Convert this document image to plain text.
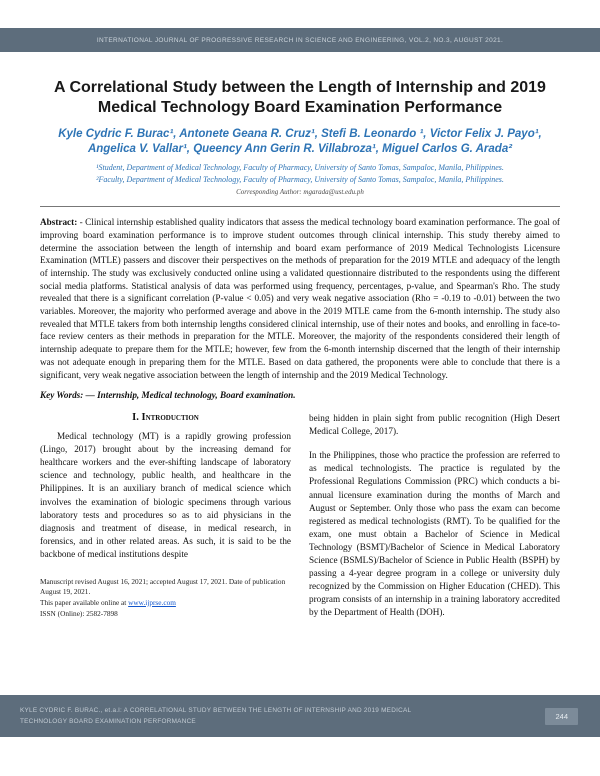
INTERNATIONAL JOURNAL OF PROGRESSIVE RESEARCH IN SCIENCE AND ENGINEERING, VOL.2, NO.3, AUGUST 2021.
A Correlational Study between the Length of Internship and 2019 Medical Technology Board Examination Performance

Kyle Cydric F. Burac¹, Antonete Geana R. Cruz¹, Stefi B. Leonardo ¹, Victor Felix J. Payo¹, Angelica V. Vallar¹, Queency Ann Gerin R. Villabroza¹, Miguel Carlos G. Arada²

¹Student, Department of Medical Technology, Faculty of Pharmacy, University of Santo Tomas, Sampaloc, Manila, Philippines.

²Faculty, Department of Medical Technology, Faculty of Pharmacy, University of Santo Tomas, Sampaloc, Manila, Philippines.

Corresponding Author: mgarada@ust.edu.ph

Abstract: - Clinical internship established quality indicators that assess the medical technology board examination performance. The goal of improving board examination performance is to improve student outcomes through clinical internship. This study thereby aimed to determine the association between the length of internship and board exam performance of 2019 Medical Technologists Licensure Examination (MTLE) passers and discover their perspectives on the methods of preparation for the 2019 MTLE and adequacy of the length of internship. The study was exclusively conducted online using a validated questionnaire distributed to the respondents using the different social media platforms. Statistical analysis of data was performed using frequency, percentages, p-value, and Spearman's Rho. The study revealed that there is a significant correlation (P-value < 0.05) and very weak negative association (Rho = -0.19 to -0.01) between the two variables. Moreover, the majority who performed average and above in the 2019 MTLE came from the 6-month internship. The study also revealed that MTLE takers from both internship lengths considered clinical internship, use of their notes and books, and enrolling in face-to-face review centers as their methods in preparation for the MTLE. Moreover, the majority of the respondents considered their length of internship adequate to prepare them for the MTLE; however, few from the 6-month internship discerned that the length of their internship was not adequate enough in preparing them for the MTLE. Based on data gathered, the proponents were able to conclude that there is a significant, very weak negative association between the length of internship and the 2019 Medical Technology.

Key Words: — Internship, Medical technology, Board examination.

I. Introduction

Medical technology (MT) is a rapidly growing profession (Lingo, 2017) brought about by the increasing demand for healthcare workers and the ever-shifting landscape of laboratory science and technology, public health, and healthcare in the Philippines. It is an auxiliary branch of medical science which involves the examination of biologic specimens through various laboratory tests and procedures so as to aid physicians in the diagnosis and treatment of disease, in medical research, in forensics, and in other related areas. As such, it is said to be the backbone of medical institutions despite

Manuscript revised August 16, 2021; accepted August 17, 2021. Date of publication August 19, 2021.

This paper available online at www.ijprse.com

ISSN (Online): 2582-7898

being hidden in plain sight from public recognition (High Desert Medical College, 2017).

In the Philippines, those who practice the profession are referred to as medical technologists. The practice is regulated by the Professional Regulations Commission (PRC) which conducts a bi-annual licensure examination during the months of March and August or September. Only those who pass the exam can become registered as medical technologists (RMT). To be qualified for the exam, one must obtain a Bachelor of Science in Medical Technology (BSMT)/Bachelor of Science in Medical Laboratory Science (BSMLS)/Bachelor of Science in Public Health (BSPH) by passing a 4-year degree program in a college or university duly recognized by the Commission on Higher Education (CHED). This program consists of an internship in a training laboratory accredited by the Department of Health (DOH).

KYLE CYDRIC F. BURAC., et.a.l: A CORRELATIONAL STUDY BETWEEN THE LENGTH OF INTERNSHIP AND 2019 MEDICAL TECHNOLOGY BOARD EXAMINATION PERFORMANCE
244
